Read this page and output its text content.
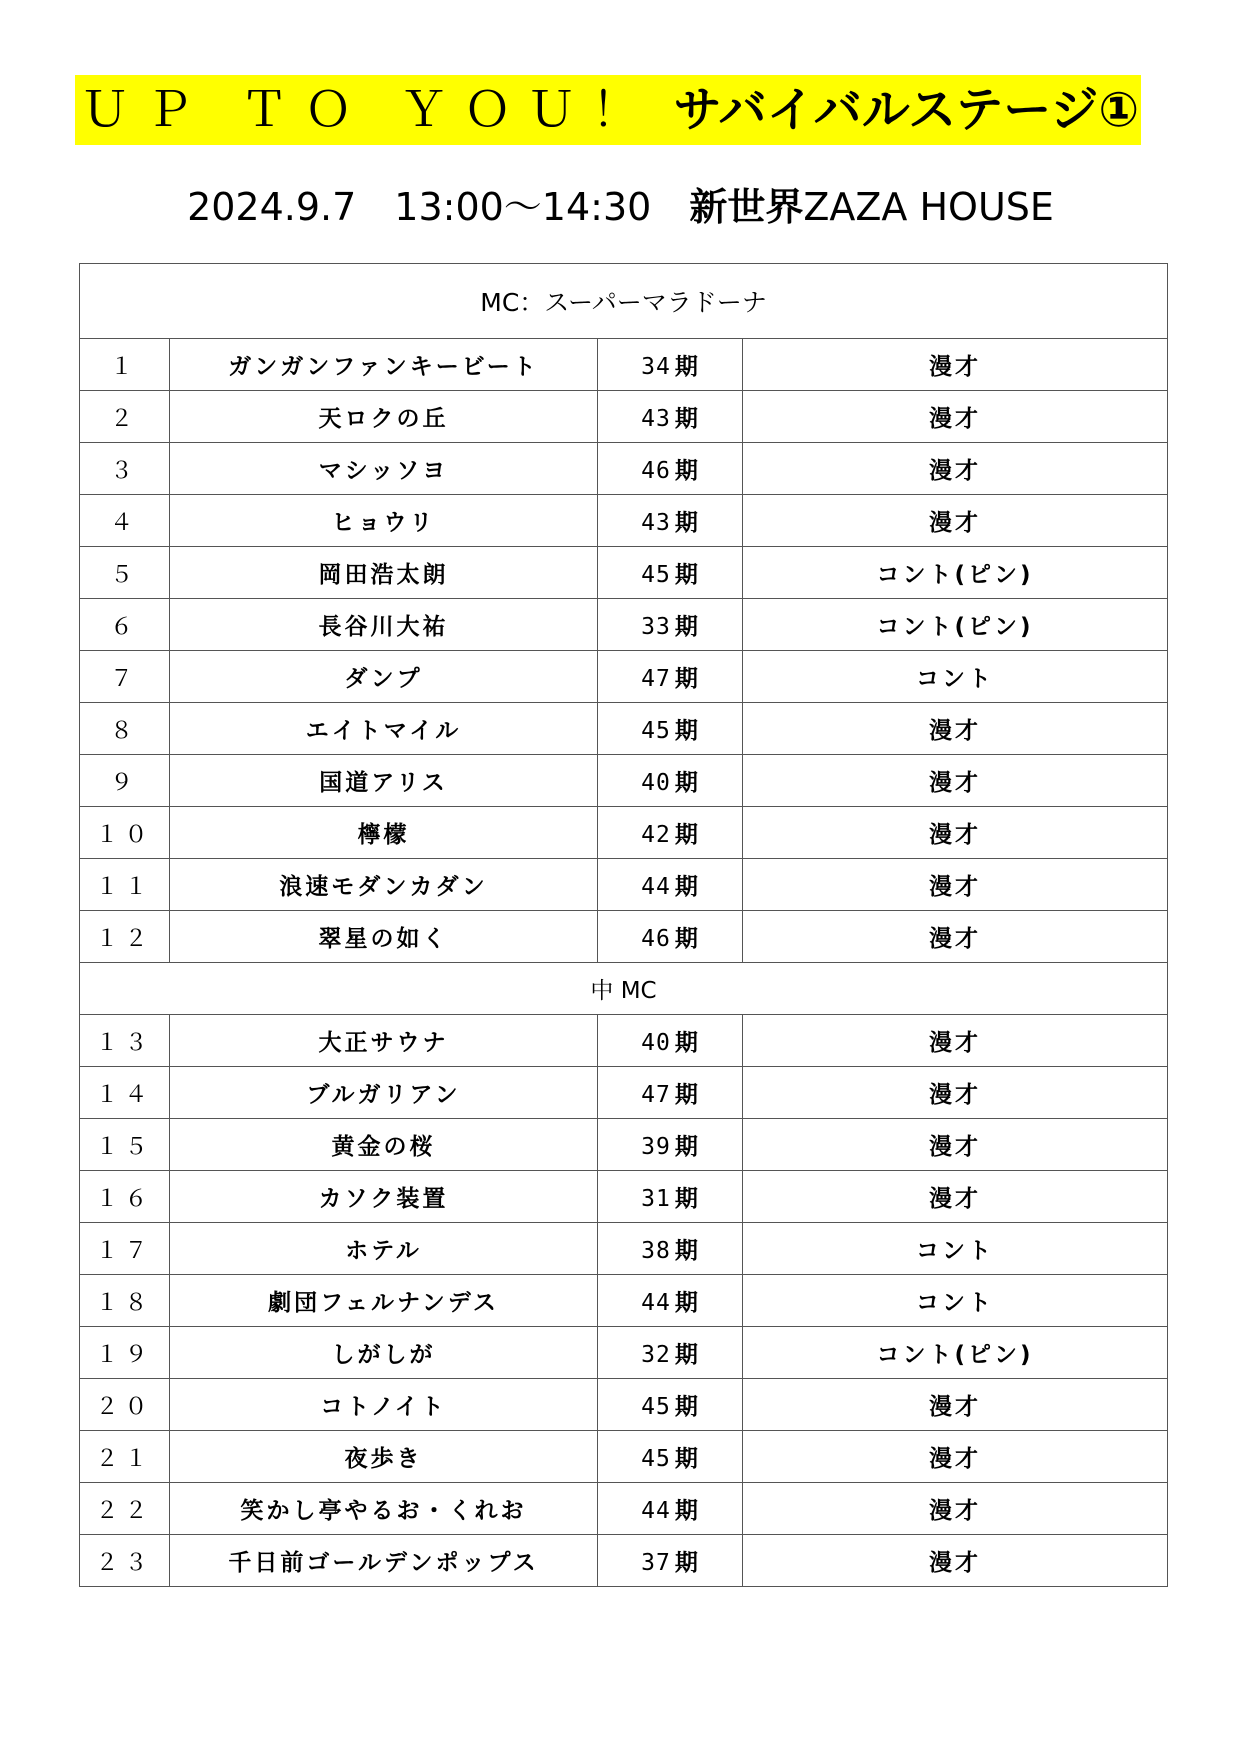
ＵＰ ＴＯ ＹＯＵ！ サバイバルステージ①
2024.9.7  13:00～14:30  新世界ZAZA HOUSE
MC：スーパーマラドーナ			
１	ガンガンファンキービート	34 期	漫才
２	天ロクの丘	43 期	漫才
３	マシッソヨ	46 期	漫才
４	ヒョウリ	43 期	漫才
５	岡田浩太朗	45 期	コント(ピン)
６	長谷川大祐	33 期	コント(ピン)
７	ダンプ	47 期	コント
８	エイトマイル	45 期	漫才
９	国道アリス	40 期	漫才
１０	檸檬	42 期	漫才
１１	浪速モダンカダン	44 期	漫才
１２	翠星の如く	46 期	漫才
中 MC			
１３	大正サウナ	40 期	漫才
１４	ブルガリアン	47 期	漫才
１５	黄金の桜	39 期	漫才
１６	カソク装置	31 期	漫才
１７	ホテル	38 期	コント
１８	劇団フェルナンデス	44 期	コント
１９	しがしが	32 期	コント(ピン)
２０	コトノイト	45 期	漫才
２１	夜歩き	45 期	漫才
２２	笑かし亭やるお・くれお	44 期	漫才
２３	千日前ゴールデンポップス	37 期	漫才
